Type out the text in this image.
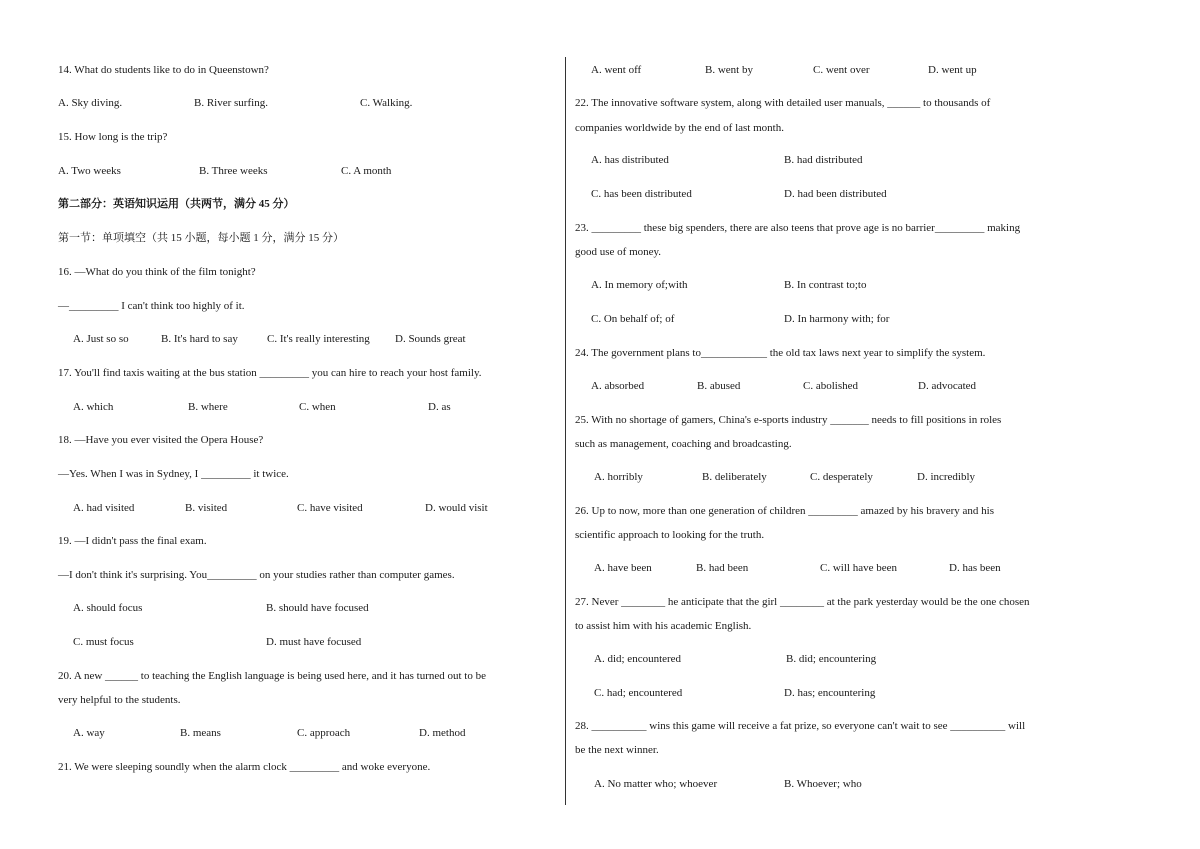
14. What do students like to do in Queenstown?
A. Sky diving.	B. River surfing.	C. Walking.
15. How long is the trip?
A. Two weeks	B. Three weeks	C. A month
第二部分：英语知识运用（共两节，满分 45 分）
第一节：单项填空（共 15 小题，每小题 1 分，满分 15 分）
16. —What do you think of the film tonight?
—_________ I can't think too highly of it.
A. Just so so	B. It's hard to say	C. It's really interesting D. Sounds great
17. You'll find taxis waiting at the bus station _________ you can hire to reach your host family.
A. which	B. where	C. when	D. as
18. —Have you ever visited the Opera House?
—Yes. When I was in Sydney, I _________ it twice.
A. had visited	B. visited	C. have visited	D. would visit
19. —I didn't pass the final exam.
—I don't think it's surprising. You_________ on your studies rather than computer games.
A. should focus	B. should have focused
C. must focus	D. must have focused
20. A new ______ to teaching the English language is being used here, and it has turned out to be
very helpful to the students.
A. way	B. means	C. approach	D. method
21. We were sleeping soundly when the alarm clock _________ and woke everyone.
A. went off	B. went by	C. went over	D. went up
22. The innovative software system, along with detailed user manuals, ______ to thousands of
companies worldwide by the end of last month.
A. has distributed	B. had distributed
C. has been distributed	D. had been distributed
23. _________ these big spenders, there are also teens that prove age is no barrier_________ making
good use of money.
A. In memory of;with	B. In contrast to;to
C. On behalf of; of	D. In harmony with; for
24. The government plans to____________ the old tax laws next year to simplify the system.
A. absorbed	B. abused	C. abolished	D. advocated
25. With no shortage of gamers, China's e-sports industry _______ needs to fill positions in roles
such as management, coaching and broadcasting.
A. horribly	B. deliberately	C. desperately	D. incredibly
26. Up to now, more than one generation of children _________ amazed by his bravery and his
scientific approach to looking for the truth.
A. have been	B. had been	C. will have been	D. has been
27. Never ________ he anticipate that the girl ________ at the park yesterday would be the one chosen
to assist him with his academic English.
A. did; encountered	B. did; encountering
C. had; encountered	D. has; encountering
28. __________ wins this game will receive a fat prize, so everyone can't wait to see __________ will
be the next winner.
A. No matter who; whoever	B. Whoever; who
